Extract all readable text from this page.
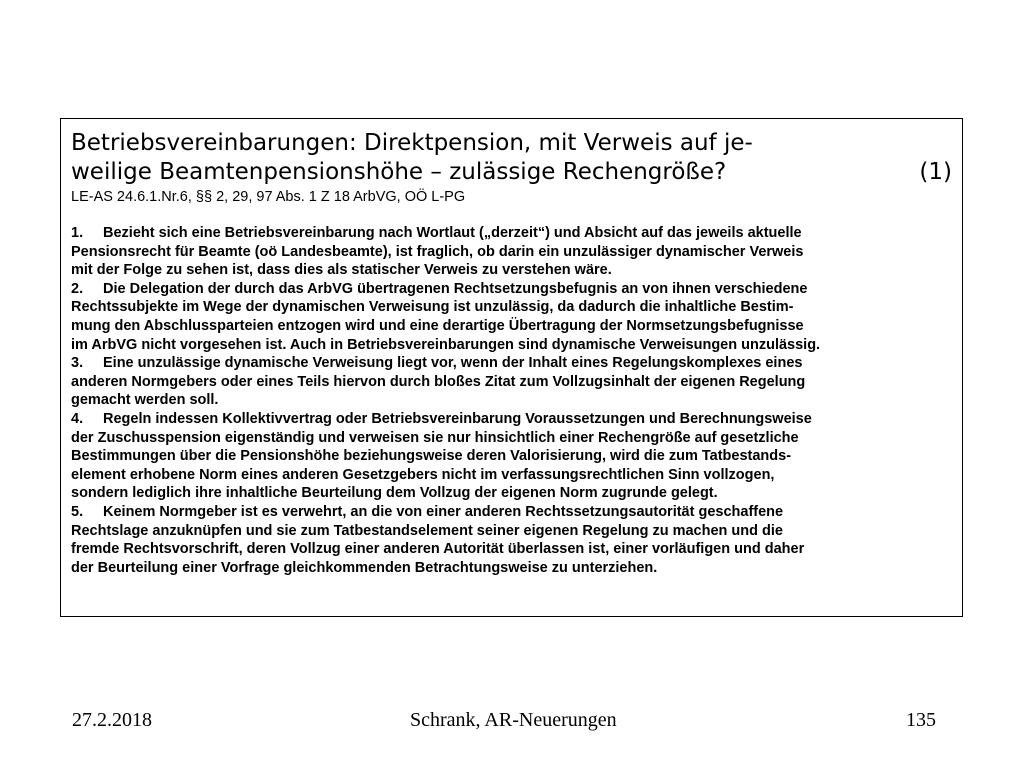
Betriebsvereinbarungen: Direktpension, mit Verweis auf je-
weilige Beamtenpensionshöhe – zulässige Rechengröße?	(1)
LE-AS 24.6.1.Nr.6, §§ 2, 29, 97 Abs. 1 Z 18 ArbVG, OÖ L-PG
1. Bezieht sich eine Betriebsvereinbarung nach Wortlaut („derzeit“) und Absicht auf das jeweils aktuelle
Pensionsrecht für Beamte (oö Landesbeamte), ist fraglich, ob darin ein unzulässiger dynamischer Verweis
mit der Folge zu sehen ist, dass dies als statischer Verweis zu verstehen wäre.
2. Die Delegation der durch das ArbVG übertragenen Rechtsetzungsbefugnis an von ihnen verschiedene
Rechtssubjekte im Wege der dynamischen Verweisung ist unzulässig, da dadurch die inhaltliche Bestim-
mung den Abschlussparteien entzogen wird und eine derartige Übertragung der Normsetzungsbefugnisse
im ArbVG nicht vorgesehen ist. Auch in Betriebsvereinbarungen sind dynamische Verweisungen unzulässig.
3. Eine unzulässige dynamische Verweisung liegt vor, wenn der Inhalt eines Regelungskomplexes eines
anderen Normgebers oder eines Teils hiervon durch bloßes Zitat zum Vollzugsinhalt der eigenen Regelung
gemacht werden soll.
4. Regeln indessen Kollektivvertrag oder Betriebsvereinbarung Voraussetzungen und Berechnungsweise
der Zuschusspension eigenständig und verweisen sie nur hinsichtlich einer Rechengröße auf gesetzliche
Bestimmungen über die Pensionshöhe beziehungsweise deren Valorisierung, wird die zum Tatbestands-
element erhobene Norm eines anderen Gesetzgebers nicht im verfassungsrechtlichen Sinn vollzogen,
sondern lediglich ihre inhaltliche Beurteilung dem Vollzug der eigenen Norm zugrunde gelegt.
5. Keinem Normgeber ist es verwehrt, an die von einer anderen Rechtssetzungsautorität geschaffene
Rechtslage anzuknüpfen und sie zum Tatbestandselement seiner eigenen Regelung zu machen und die
fremde Rechtsvorschrift, deren Vollzug einer anderen Autorität überlassen ist, einer vorläufigen und daher
der Beurteilung einer Vorfrage gleichkommenden Betrachtungsweise zu unterziehen.
27.2.2018	Schrank, AR-Neuerungen	135
